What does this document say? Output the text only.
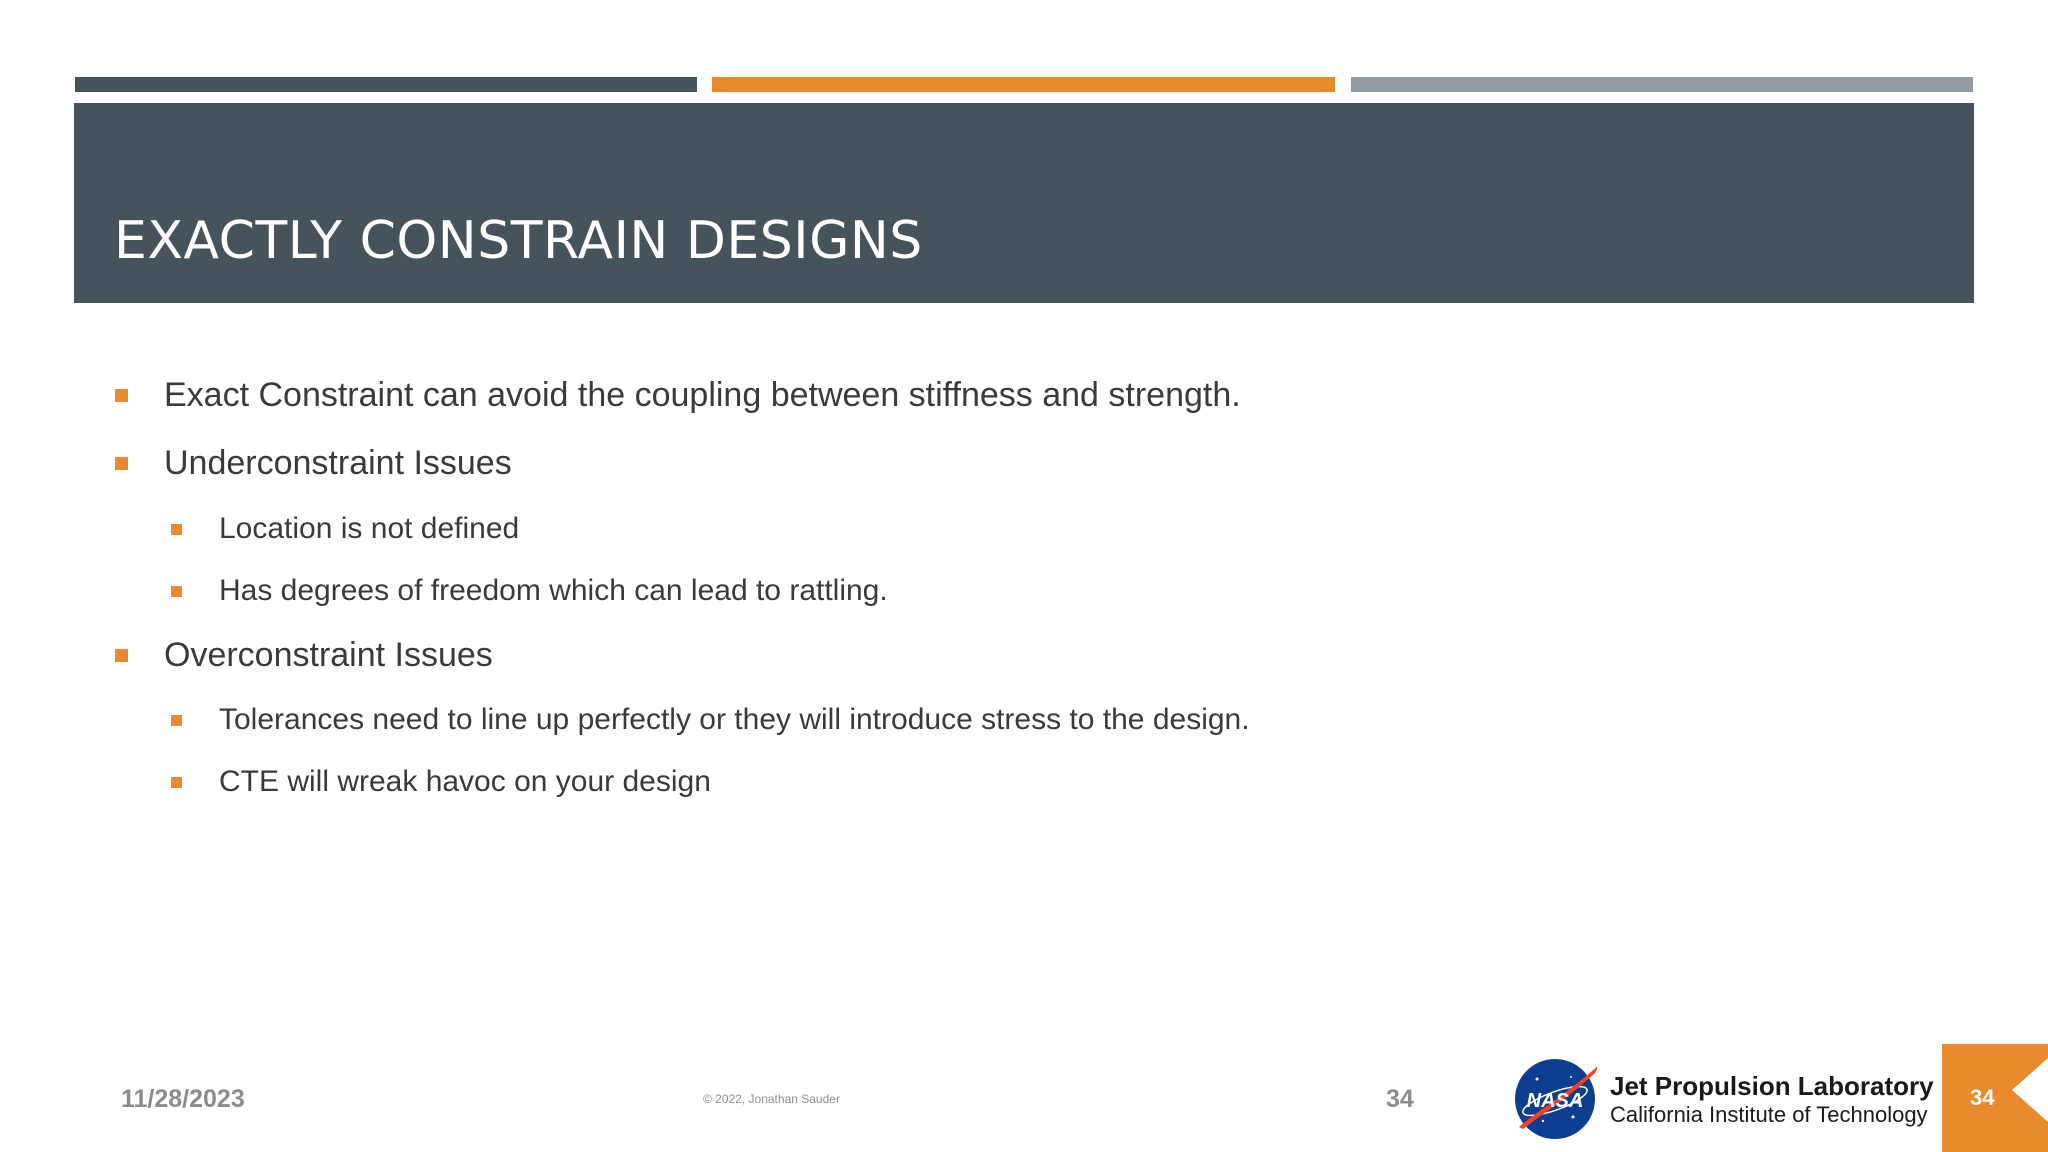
EXACTLY CONSTRAIN DESIGNS
Exact Constraint can avoid the coupling between stiffness and strength.
Underconstraint Issues
Location is not defined
Has degrees of freedom which can lead to rattling.
Overconstraint Issues
Tolerances need to line up perfectly or they will introduce stress to the design.
CTE will wreak havoc on your design
11/28/2023	© 2022, Jonathan Sauder	34	NASA Jet Propulsion Laboratory
California Institute of Technology
34
